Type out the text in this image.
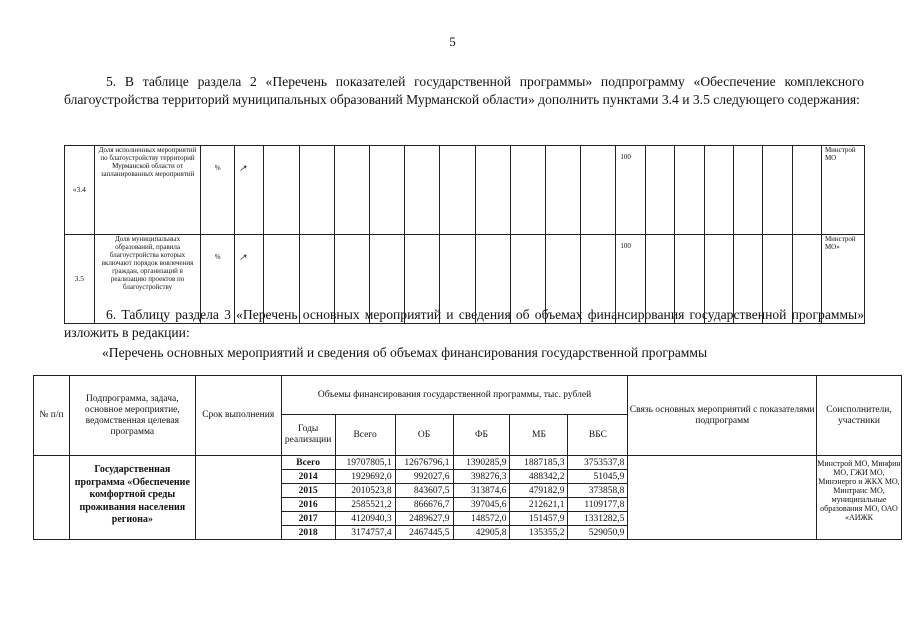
5
5. В таблице раздела 2 «Перечень показателей государственной программы» подпрограмму «Обеспечение комплексного благоустройства территорий муниципальных образований Мурманской области» дополнить пунктами 3.4 и 3.5 следующего содержания:
«3.4	Доля исполненных мероприятий по благоустройству территорий Мурманской области от запланированных мероприятий	%	↗											100							Минстрой МО
3.5	Доля муниципальных образований, правила благоустройства которых включают порядок вовлечения граждан, организаций в реализацию проектов по благоустройству	%	↗											100							Минстрой МО»
6. Таблицу раздела 3 «Перечень основных мероприятий и сведения об объемах финансирования государственной программы» изложить в редакции:
«Перечень основных мероприятий и сведения об объемах финансирования государственной программы
№ п/п	Подпрограмма, задача, основное мероприятие, ведомственная целевая программа	Срок выполнения	Объемы финансирования государственной программы, тыс. рублей						Связь основных мероприятий с показателями подпрограмм	Соисполнители, участники
			Годы реализации	Всего	ОБ	ФБ	МБ	ВБС		
	Государственная программа «Обеспечение комфортной среды проживания населения региона»		Всего	19707805,1	12676796,1	1390285,9	1887185,3	3753537,8		Минстрой МО, Минфин МО, ГЖИ МО, Минэнерго и ЖКХ МО, Минтранс МО, муниципальные образования МО, ОАО «АИЖК
			2014	1929692,0	992027,6	398276,3	488342,2	51045,9		
			2015	2010523,8	843607,5	313874,6	479182,9	373858,8		
			2016	2585521,2	866676,7	397045,6	212621,1	1109177,8		
			2017	4120940,3	2489627,9	148572,0	151457,9	1331282,5		
			2018	3174757,4	2467445,5	42905,8	135355,2	529050,9		
